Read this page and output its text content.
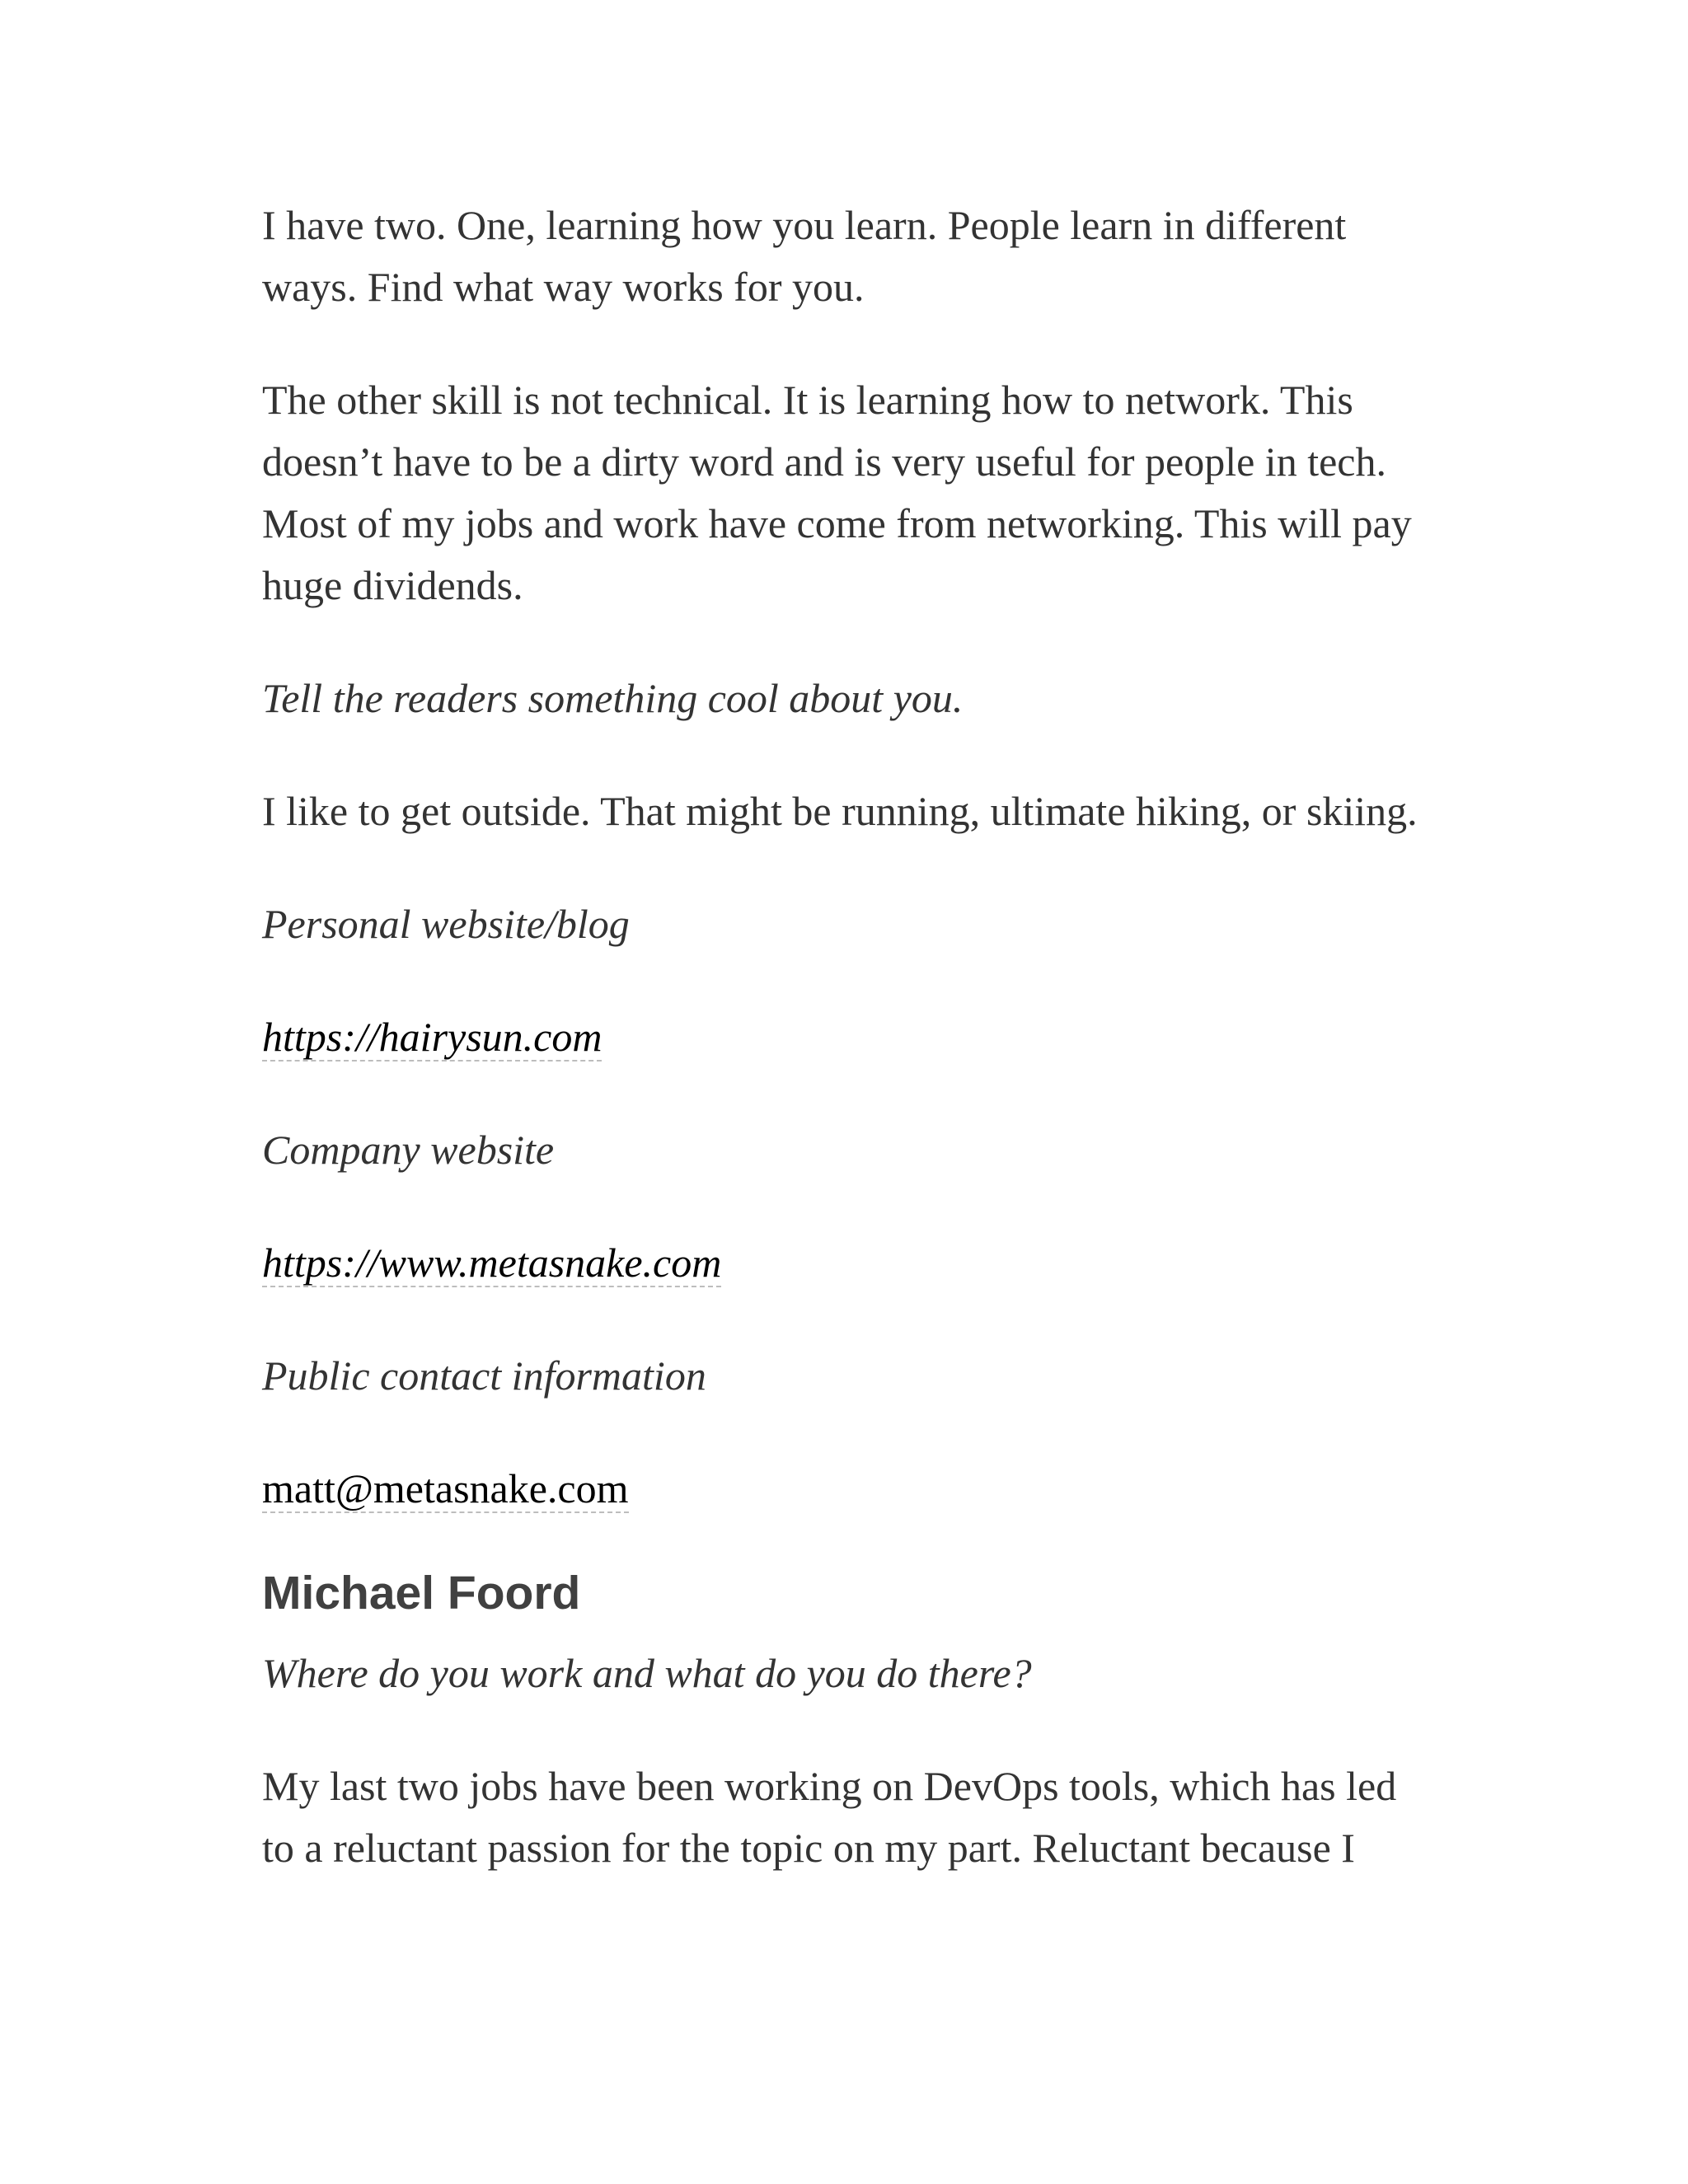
I have two. One, learning how you learn. People learn in different ways. Find what way works for you.

The other skill is not technical. It is learning how to network. This doesn’t have to be a dirty word and is very useful for people in tech. Most of my jobs and work have come from networking. This will pay huge dividends.

Tell the readers something cool about you.

I like to get outside. That might be running, ultimate hiking, or skiing.

Personal website/blog

https://hairysun.com

Company website

https://www.metasnake.com

Public contact information

matt@metasnake.com

Michael Foord

Where do you work and what do you do there?

My last two jobs have been working on DevOps tools, which has led to a reluctant passion for the topic on my part. Reluctant because I
